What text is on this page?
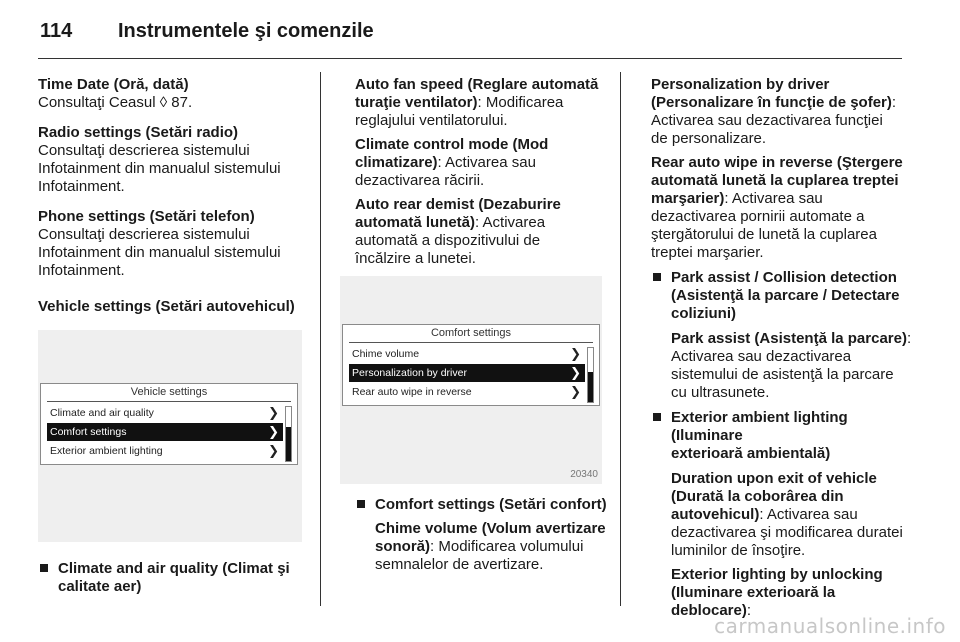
114 Instrumentele şi comenzile
Time Date (Oră, dată)
Consultaţi Ceasul ◊ 87.
Radio settings (Setări radio)
Consultaţi descrierea sistemului
Infotainment din manualul sistemului
Infotainment.
Phone settings (Setări telefon)
Consultaţi descrierea sistemului
Infotainment din manualul sistemului
Infotainment.
Vehicle settings (Setări autovehicul)
Vehicle settings
Climate and air quality	❯
Comfort settings	❯
Exterior ambient lighting	❯
Climate and air quality (Climat şi
calitate aer)
Auto fan speed (Reglare automată
turaţie ventilator): Modificarea
reglajului ventilatorului.
Climate control mode (Mod
climatizare): Activarea sau
dezactivarea răcirii.
Auto rear demist (Dezaburire
automată lunetă): Activarea
automată a dispozitivului de
încălzire a lunetei.
Comfort settings
Chime volume	❯
Personalization by driver	❯
Rear auto wipe in reverse	❯
20340
Comfort settings (Setări confort)
Chime volume (Volum avertizare
sonoră): Modificarea volumului
semnalelor de avertizare.
Personalization by driver
(Personalizare în funcţie de şofer):
Activarea sau dezactivarea funcţiei
de personalizare.
Rear auto wipe in reverse (Ştergere
automată lunetă la cuplarea treptei
marşarier): Activarea sau
dezactivarea pornirii automate a
ştergătorului de lunetă la cuplarea
treptei marşarier.
Park assist / Collision detection
(Asistenţă la parcare / Detectare
coliziuni)
Park assist (Asistenţă la parcare):
Activarea sau dezactivarea
sistemului de asistenţă la parcare
cu ultrasunete.
Exterior ambient lighting (Iluminare
exterioară ambientală)
Duration upon exit of vehicle
(Durată la coborârea din
autovehicul): Activarea sau
dezactivarea şi modificarea duratei
luminilor de însoţire.
Exterior lighting by unlocking
(Iluminare exterioară la deblocare):
carmanualsonline.info
